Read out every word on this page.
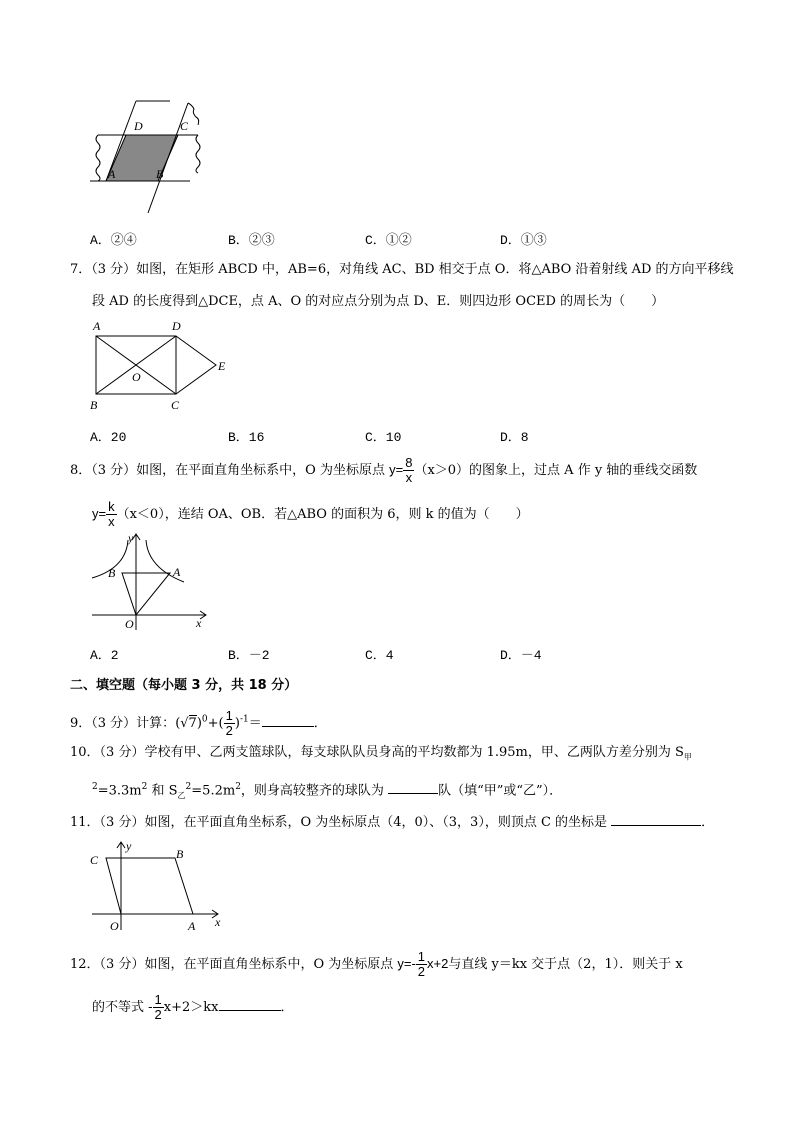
D	C
A	B
A．②④	B．②③	C．①②	D．①③
7．（3 分）如图，在矩形 ABCD 中，AB=6，对角线 AC、BD 相交于点 O．将△ABO 沿着射线 AD 的方向平移线
段 AD 的长度得到△DCE，点 A、O 的对应点分别为点 D、E．则四边形 OCED 的周长为（　　）
A	D
O
E
B	C
A．20	B．16	C．10	D．8
8．（3 分）如图，在平面直角坐标系中，O 为坐标原点 $y= \frac{8}{x} (x>0)$的图象上，过点 A 作 y 轴的垂线交函数
$y= \frac{k}{x} (x<0)$，连结 OA、OB．若△ABO 的面积为 6，则 k 的值为（　　）
y
B	A
O	x
A．2	B．－2	C．4	D．－4
二、填空题（每小题 3 分，共 18 分）
9．（3 分）计算：$(√7)^0+( \frac{1}{2} )^{-1}=$	．
10．（3 分）学校有甲、乙两支篮球队，每支球队队员身高的平均数都为 1.95m，甲、乙两队方差分别为 $S_甲$
$^2=3.3m^2$ 和 $S_乙^2=5.2m^2$，则身高较整齐的球队为	队（填“甲”或“乙”）．
11．（3 分）如图，在平面直角坐标系，O 为坐标原点（4，0）、（3，3），则顶点 C 的坐标是	．
y
C	B
O	A x
12．（3 分）如图，在平面直角坐标系中，O 为坐标原点 $y=- \frac{1}{2} x+2$与直线 y＝kx 交于点（2，1）．则关于 x
的不等式 - $\frac{1}{2} x+2>kx$	．
